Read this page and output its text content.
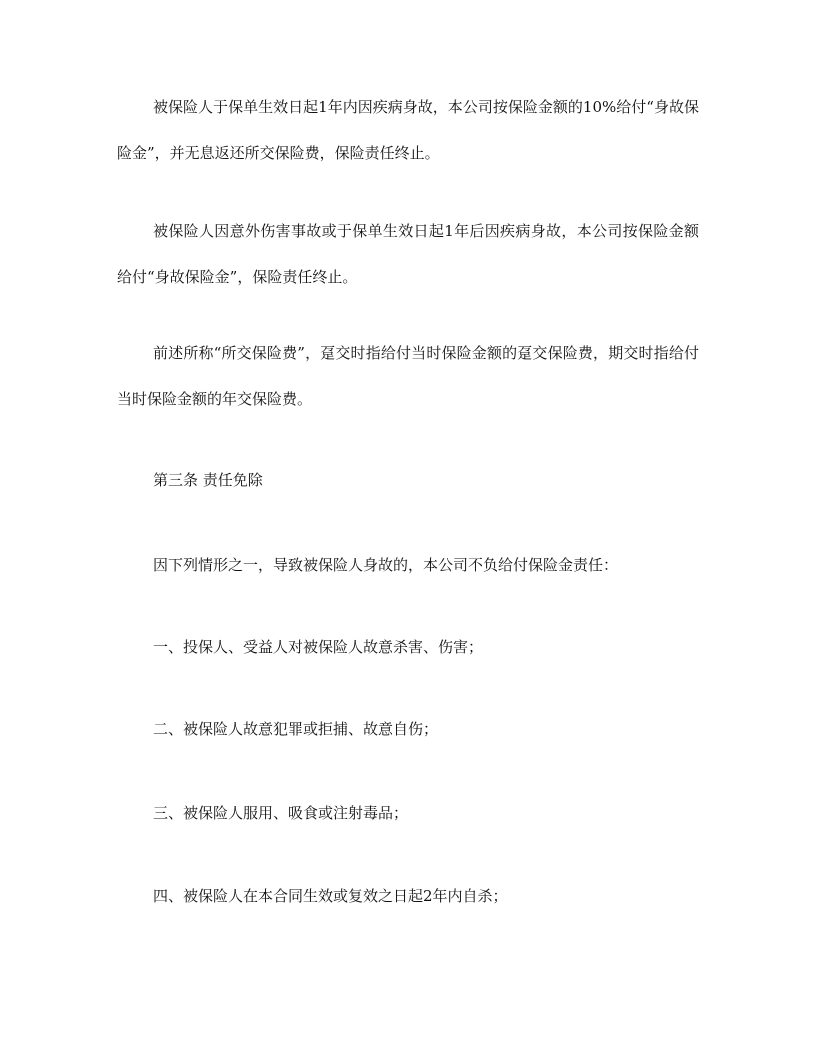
被保险人于保单生效日起1年内因疾病身故，本公司按保险金额的10%给付“身故保险金”，并无息返还所交保险费，保险责任终止。

被保险人因意外伤害事故或于保单生效日起1年后因疾病身故，本公司按保险金额给付“身故保险金”，保险责任终止。

前述所称“所交保险费”，趸交时指给付当时保险金额的趸交保险费，期交时指给付当时保险金额的年交保险费。

第三条 责任免除

因下列情形之一，导致被保险人身故的，本公司不负给付保险金责任：

一、投保人、受益人对被保险人故意杀害、伤害；

二、被保险人故意犯罪或拒捕、故意自伤；

三、被保险人服用、吸食或注射毒品；

四、被保险人在本合同生效或复效之日起2年内自杀；
